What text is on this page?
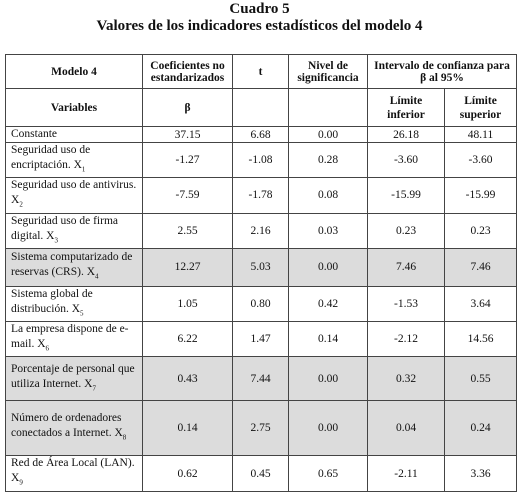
Cuadro 5
Valores de los indicadores estadísticos del modelo 4
Modelo 4	Coeficientes no estandarizados	t	Nivel de significancia	Intervalo de confianza para β al 95%	
Variables	β			Límite inferior	Límite superior
Constante	37.15	6.68	0.00	26.18	48.11
Seguridad uso de encriptación. $X_1$	-1.27	-1.08	0.28	-3.60	-3.60
Seguridad uso de antivirus. $X_2$	-7.59	-1.78	0.08	-15.99	-15.99
Seguridad uso de firma digital. $X_3$	2.55	2.16	0.03	0.23	0.23
Sistema computarizado de reservas (CRS). $X_4$	12.27	5.03	0.00	7.46	7.46
Sistema global de distribución. $X_5$	1.05	0.80	0.42	-1.53	3.64
La empresa dispone de e-mail. $X_6$	6.22	1.47	0.14	-2.12	14.56
Porcentaje de personal que utiliza Internet. $X_7$	0.43	7.44	0.00	0.32	0.55
Número de ordenadores conectados a Internet. $X_8$	0.14	2.75	0.00	0.04	0.24
Red de Área Local (LAN). $X_9$	0.62	0.45	0.65	-2.11	3.36
